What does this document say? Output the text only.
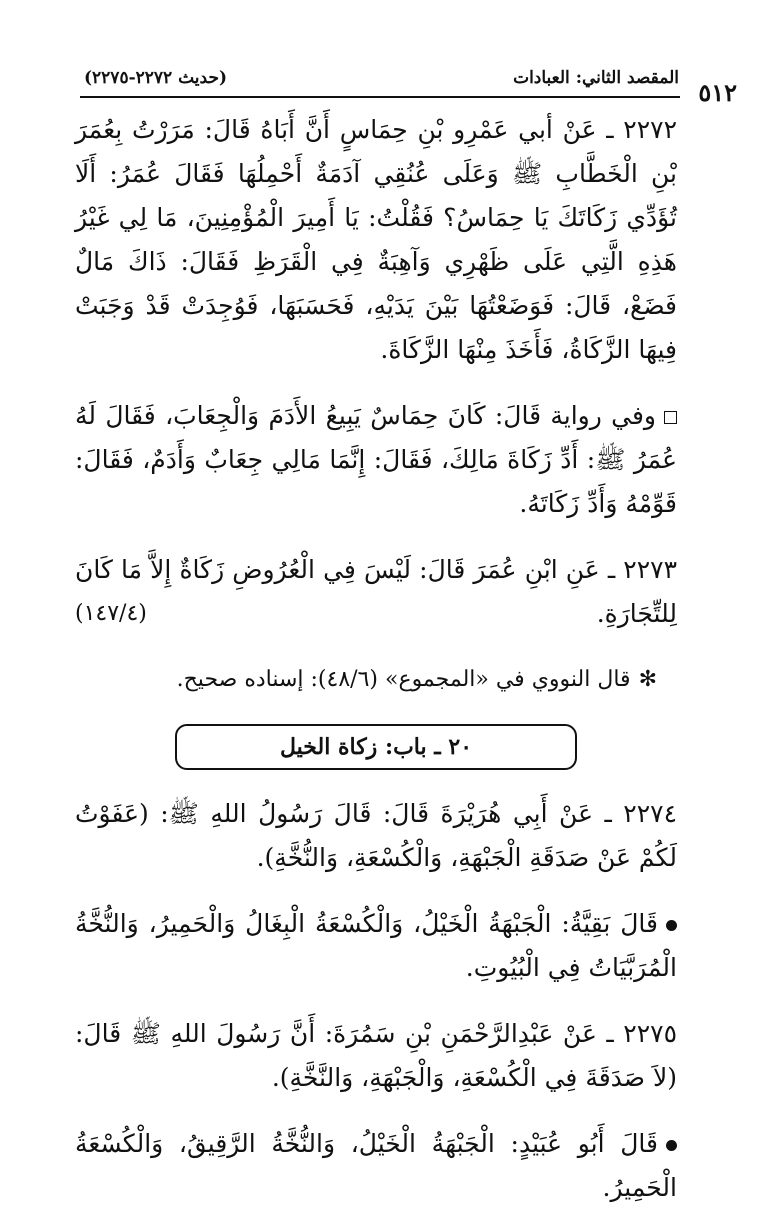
٥١٢
المقصد الثاني: العبادات
(حديث ٢٢٧٢-٢٢٧٥)

٢٢٧٢ ـ عَنْ أبي عَمْرِو بْنِ حِمَاسٍ أَنَّ أَبَاهُ قَالَ: مَرَرْتُ بِعُمَرَ بْنِ الْخَطَّابِ ﷺ وَعَلَى عُنُقِي آدَمَةٌ أَحْمِلُهَا فَقَالَ عُمَرُ: أَلَا تُؤَدِّي زَكَاتَكَ يَا حِمَاسُ؟ فَقُلْتُ: يَا أَمِيرَ الْمُؤْمِنِينَ، مَا لِي غَيْرُ هَذِهِ الَّتِي عَلَى ظَهْرِي وَآهِبَةٌ فِي الْقَرَظِ فَقَالَ: ذَاكَ مَالٌ فَضَعْ، قَالَ: فَوَضَعْتُهَا بَيْنَ يَدَيْهِ، فَحَسَبَهَا، فَوُجِدَتْ قَدْ وَجَبَتْ فِيهَا الزَّكَاةُ، فَأَخَذَ مِنْهَا الزَّكَاةَ.

وفي رواية قَالَ: كَانَ حِمَاسٌ يَبِيعُ الأَدَمَ وَالْجِعَابَ، فَقَالَ لَهُ عُمَرُ ﷺ: أَدِّ زَكَاةَ مَالِكَ، فَقَالَ: إِنَّمَا مَالِي جِعَابٌ وَأَدَمٌ، فَقَالَ: قَوِّمْهُ وَأَدِّ زَكَاتَهُ.

٢٢٧٣ ـ عَنِ ابْنِ عُمَرَ قَالَ: لَيْسَ فِي الْعُرُوضِ زَكَاةٌ إِلاَّ مَا كَانَ لِلتِّجَارَةِ.
(١٤٧/٤)

✻قال النووي في «المجموع» (٤٨/٦): إسناده صحيح.

٢٠ ـ باب: زكاة الخيل

٢٢٧٤ ـ عَنْ أَبِي هُرَيْرَةَ قَالَ: قَالَ رَسُولُ اللهِ ﷺ: (عَفَوْتُ لَكُمْ عَنْ صَدَقَةِ الْجَبْهَةِ، وَالْكُسْعَةِ، وَالنُّخَّةِ).

قَالَ بَقِيَّةُ: الْجَبْهَةُ الْخَيْلُ، وَالْكُسْعَةُ الْبِغَالُ وَالْحَمِيرُ، وَالنُّخَّةُ الْمُرَبَّيَاتُ فِي الْبُيُوتِ.

٢٢٧٥ ـ عَنْ عَبْدِالرَّحْمَنِ بْنِ سَمُرَةَ: أَنَّ رَسُولَ اللهِ ﷺ قَالَ: (لاَ صَدَقَةَ فِي الْكُسْعَةِ، وَالْجَبْهَةِ، وَالنَّخَّةِ).

قَالَ أَبُو عُبَيْدٍ: الْجَبْهَةُ الْخَيْلُ، وَالنُّخَّةُ الرَّقِيقُ، وَالْكُسْعَةُ الْحَمِيرُ.
